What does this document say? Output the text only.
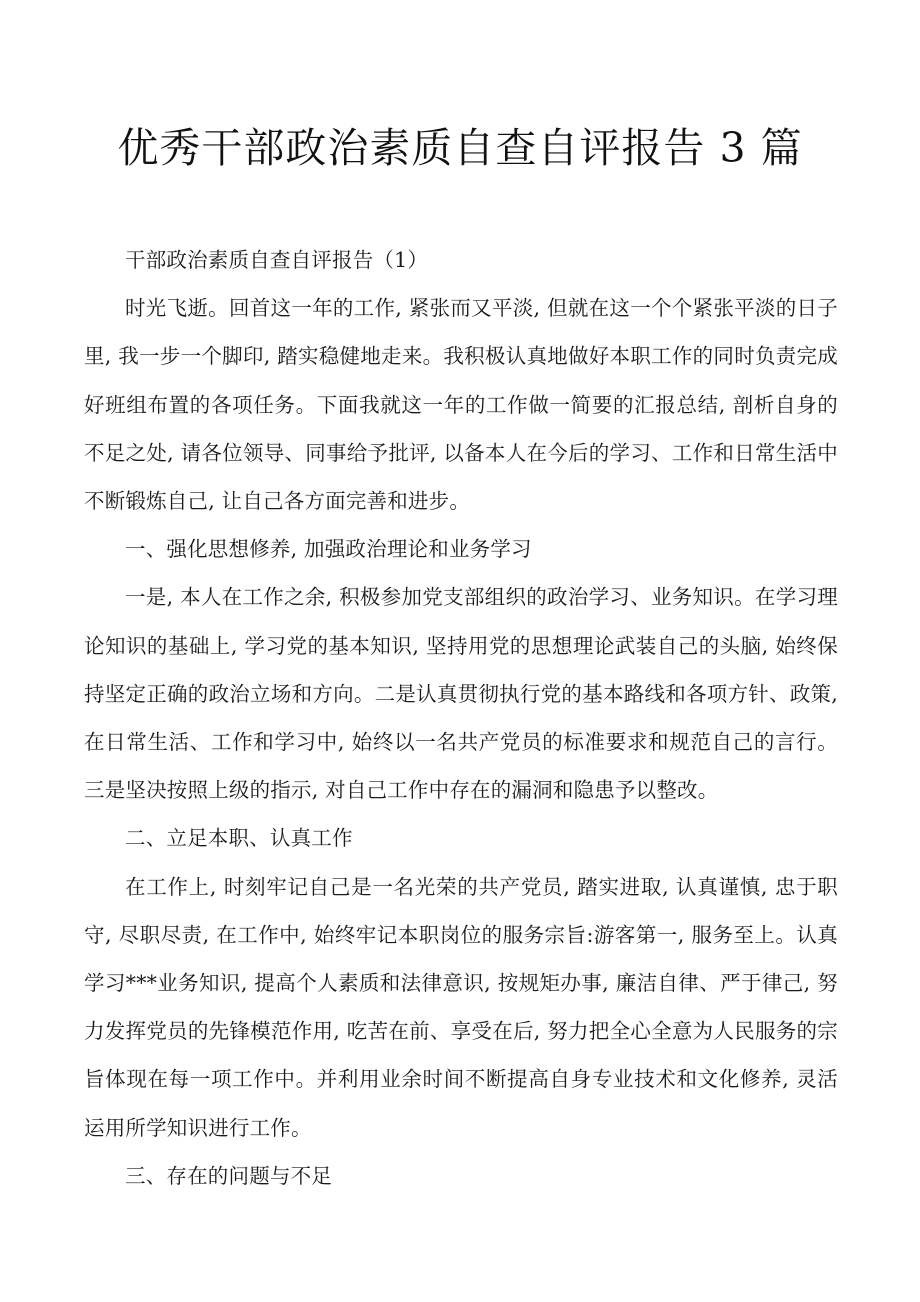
优秀干部政治素质自查自评报告 3 篇

干部政治素质自查自评报告（1）

时光飞逝。回首这一年的工作, 紧张而又平淡, 但就在这一个个紧张平淡的日子里, 我一步一个脚印, 踏实稳健地走来。我积极认真地做好本职工作的同时负责完成好班组布置的各项任务。下面我就这一年的工作做一简要的汇报总结, 剖析自身的不足之处, 请各位领导、同事给予批评, 以备本人在今后的学习、工作和日常生活中不断锻炼自己, 让自己各方面完善和进步。

一、强化思想修养, 加强政治理论和业务学习

一是, 本人在工作之余, 积极参加党支部组织的政治学习、业务知识。在学习理论知识的基础上, 学习党的基本知识, 坚持用党的思想理论武装自己的头脑, 始终保持坚定正确的政治立场和方向。二是认真贯彻执行党的基本路线和各项方针、政策, 在日常生活、工作和学习中, 始终以一名共产党员的标准要求和规范自己的言行。三是坚决按照上级的指示, 对自己工作中存在的漏洞和隐患予以整改。

二、立足本职、认真工作

在工作上, 时刻牢记自己是一名光荣的共产党员, 踏实进取, 认真谨慎, 忠于职守, 尽职尽责, 在工作中, 始终牢记本职岗位的服务宗旨:游客第一, 服务至上。认真学习***业务知识, 提高个人素质和法律意识, 按规矩办事, 廉洁自律、严于律己, 努力发挥党员的先锋模范作用, 吃苦在前、享受在后, 努力把全心全意为人民服务的宗旨体现在每一项工作中。并利用业余时间不断提高自身专业技术和文化修养, 灵活运用所学知识进行工作。

三、存在的问题与不足
